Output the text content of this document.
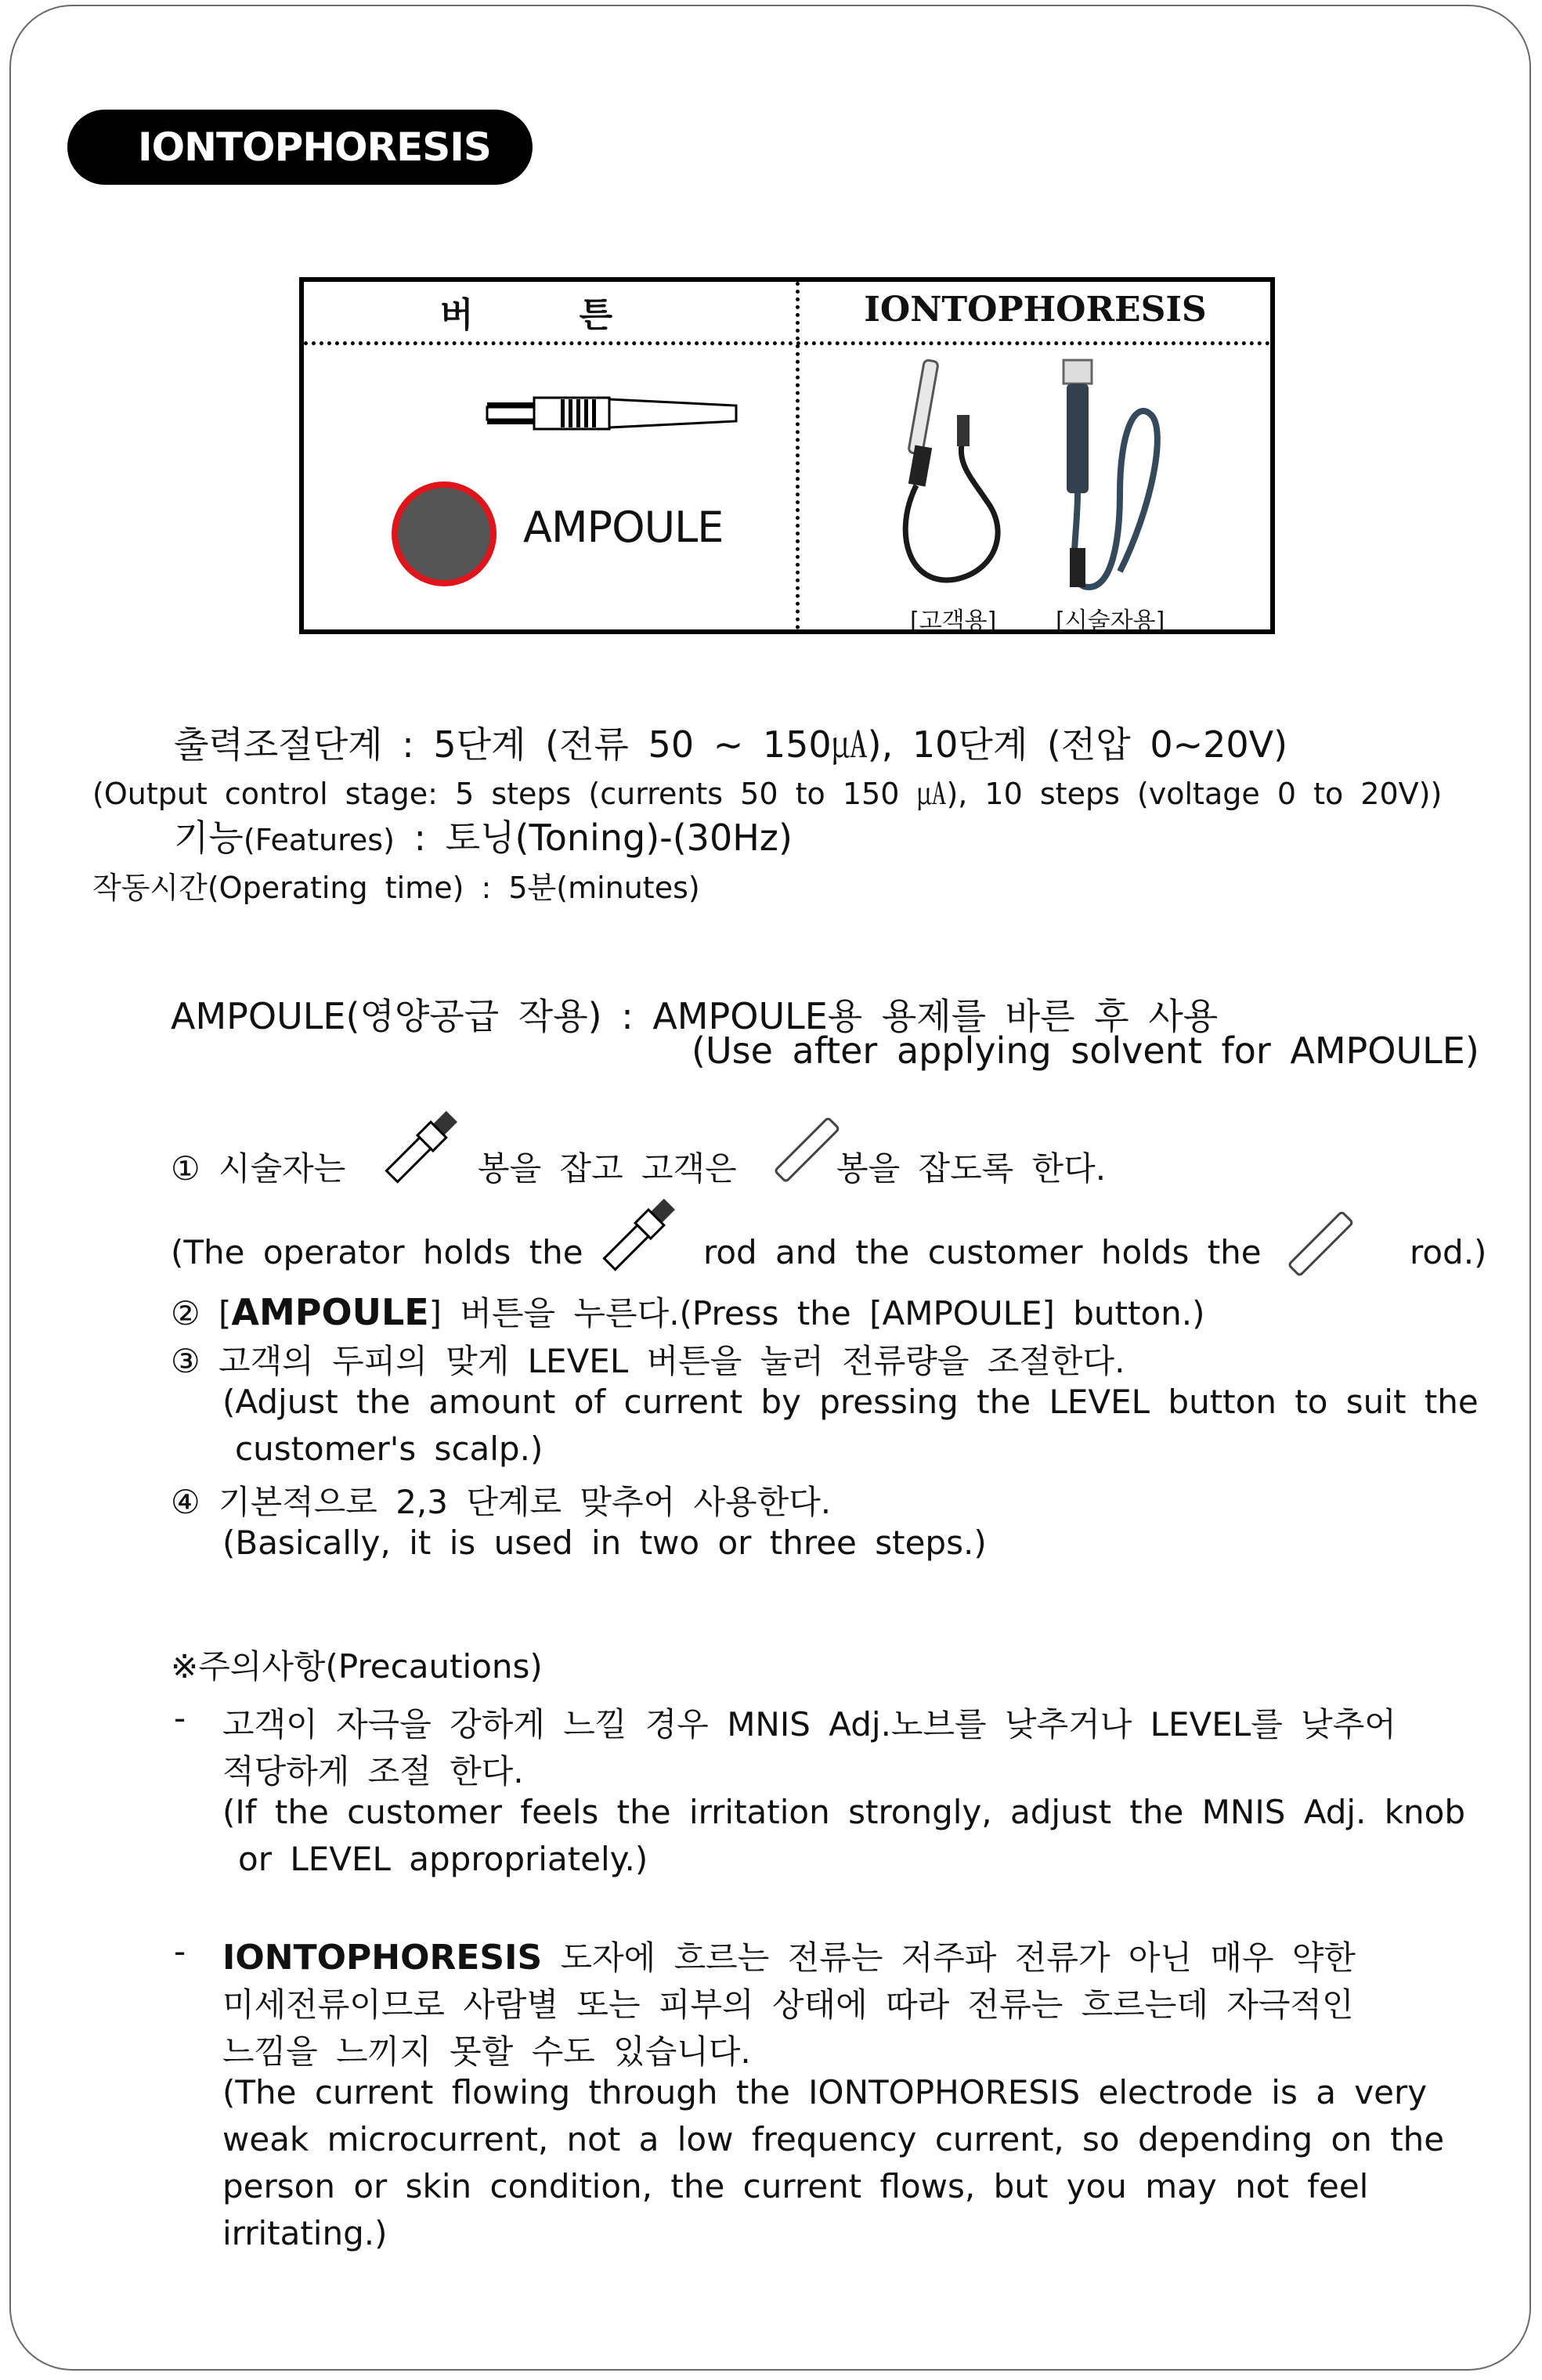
IONTOPHORESIS
버 튼	IONTOPHORESIS
AMPOULE
[고객용]	[시술자용]
출력조절단계 : 5단계 (전류 50 ~ 150㎂), 10단계 (전압 0~20V)
(Output control stage: 5 steps (currents 50 to 150 ㎂), 10 steps (voltage 0 to 20V))
기능(Features) : 토닝(Toning)-(30Hz)
작동시간(Operating time) : 5분(minutes)
AMPOULE(영양공급 작용) : AMPOULE용 용제를 바른 후 사용
(Use after applying solvent for AMPOULE)
① 시술자는	봉을 잡고 고객은	봉을 잡도록 한다.
(The operator holds the	rod and the customer holds the	rod.)
② [AMPOULE] 버튼을 누른다.(Press the [AMPOULE] button.)
③ 고객의 두피의 맞게 LEVEL 버튼을 눌러 전류량을 조절한다.
(Adjust the amount of current by pressing the LEVEL button to suit the
customer's scalp.)
④ 기본적으로 2,3 단계로 맞추어 사용한다.
(Basically, it is used in two or three steps.)
※주의사항(Precautions)
- 고객이 자극을 강하게 느낄 경우 MNIS Adj.노브를 낮추거나 LEVEL를 낮추어
적당하게 조절 한다.
(If the customer feels the irritation strongly, adjust the MNIS Adj. knob
or LEVEL appropriately.)
- IONTOPHORESIS 도자에 흐르는 전류는 저주파 전류가 아닌 매우 약한
미세전류이므로 사람별 또는 피부의 상태에 따라 전류는 흐르는데 자극적인
느낌을 느끼지 못할 수도 있습니다.
(The current flowing through the IONTOPHORESIS electrode is a very
weak microcurrent, not a low frequency current, so depending on the
person or skin condition, the current flows, but you may not feel
irritating.)
